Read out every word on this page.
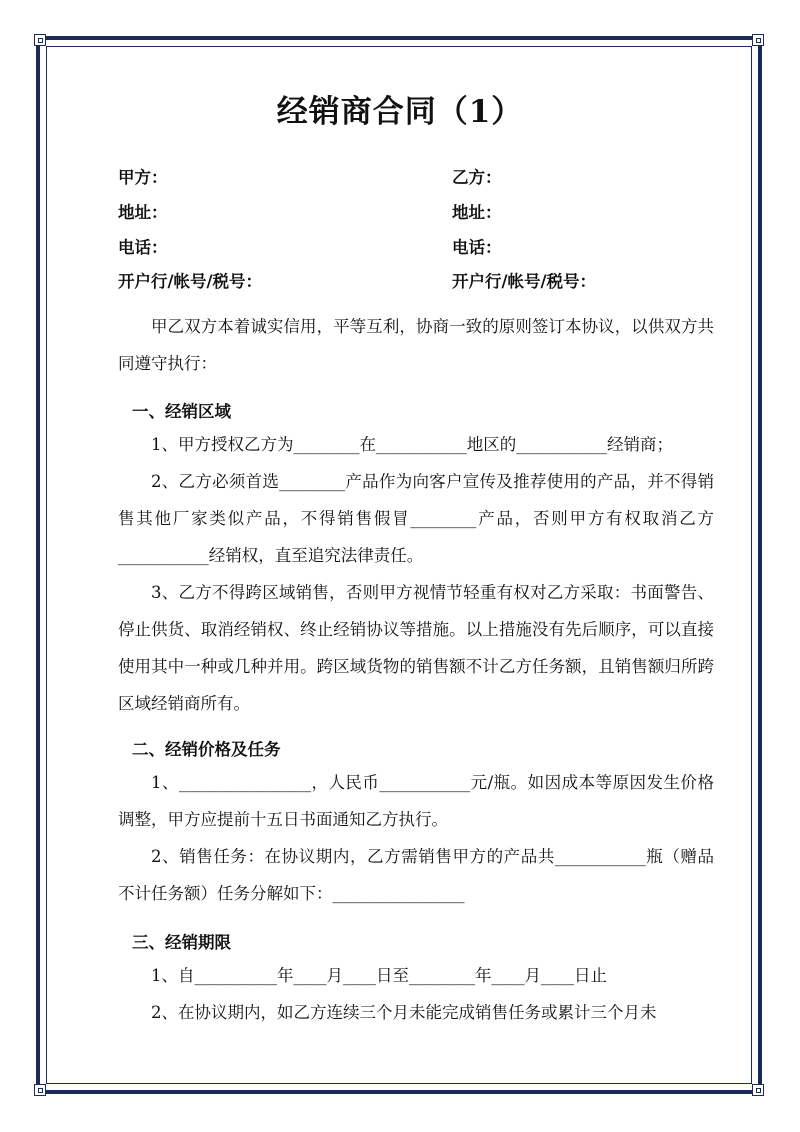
经销商合同（1）
甲方：	乙方：
地址：	地址：
电话：	电话：
开户行/帐号/税号：	开户行/帐号/税号：
甲乙双方本着诚实信用，平等互利，协商一致的原则签订本协议，以供双方共同遵守执行：
一、经销区域
1、甲方授权乙方为________在___________地区的___________经销商；
2、乙方必须首选________产品作为向客户宣传及推荐使用的产品，并不得销售其他厂家类似产品，不得销售假冒________产品，否则甲方有权取消乙方___________经销权，直至追究法律责任。
3、乙方不得跨区域销售，否则甲方视情节轻重有权对乙方采取：书面警告、停止供货、取消经销权、终止经销协议等措施。以上措施没有先后顺序，可以直接使用其中一种或几种并用。跨区域货物的销售额不计乙方任务额，且销售额归所跨区域经销商所有。
二、经销价格及任务
1、________________，人民币___________元/瓶。如因成本等原因发生价格调整，甲方应提前十五日书面通知乙方执行。
2、销售任务：在协议期内，乙方需销售甲方的产品共___________瓶（赠品不计任务额）任务分解如下：________________
三、经销期限
1、自__________年____月____日至________年____月____日止
2、在协议期内，如乙方连续三个月未能完成销售任务或累计三个月未
